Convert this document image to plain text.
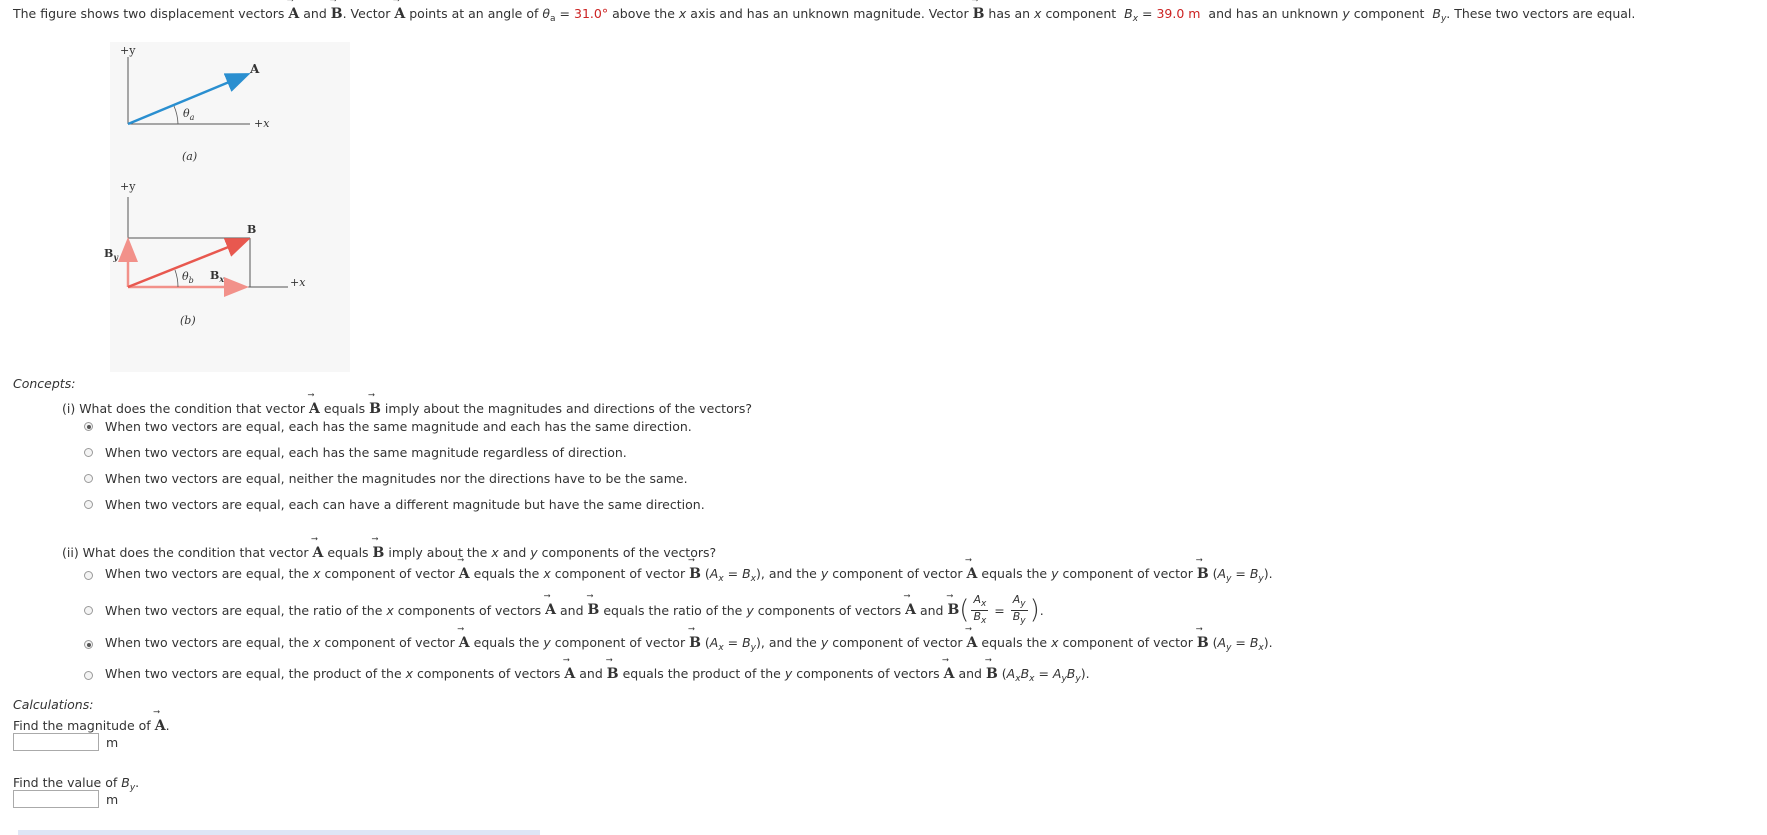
The figure shows two displacement vectors ⃗ A and ⃗ B. Vector ⃗ A points at an angle of $\theta_a = 31.0^\circ$ above the x axis and has an unknown magnitude. Vector ⃗ B has an x component $B_x = 39.0$ m and has an unknown y component $B_y$. These two vectors are equal.
+y
+x
A
$\theta_a$
(a)
+y
+x
B
$B_y$
$B_x$
$\theta_b$
(b)
Concepts:
(i) What does the condition that vector ⃗ A equals ⃗ B imply about the magnitudes and directions of the vectors?
When two vectors are equal, each has the same magnitude and each has the same direction.
When two vectors are equal, each has the same magnitude regardless of direction.
When two vectors are equal, neither the magnitudes nor the directions have to be the same.
When two vectors are equal, each can have a different magnitude but have the same direction.
(ii) What does the condition that vector ⃗ A equals ⃗ B imply about the x and y components of the vectors?
When two vectors are equal, the x component of vector ⃗ A equals the x component of vector ⃗ B $(A_x = B_x)$, and the y component of vector ⃗ A equals the y component of vector ⃗ B $(A_y = B_y)$.
When two vectors are equal, the ratio of the
x
components of vectors
⃗ A
and
⃗ B
equals the ratio of the
y
components of vectors
⃗ A
and
⃗ B ( $\frac{A_x}{B_x} = \frac{A_y}{B_y}$ ) .
When two vectors are equal, the x component of vector ⃗ A equals the y component of vector ⃗ B $(A_x = B_y)$, and the y component of vector ⃗ A equals the x component of vector ⃗ B $(A_y = B_x)$.
When two vectors are equal, the product of the x components of vectors ⃗ A and ⃗ B equals the product of the y components of vectors ⃗ A and ⃗ B $(A_xB_x = A_yB_y)$.
Calculations:
Find the magnitude of ⃗ A.
m
Find the value of $B_y$.
m
